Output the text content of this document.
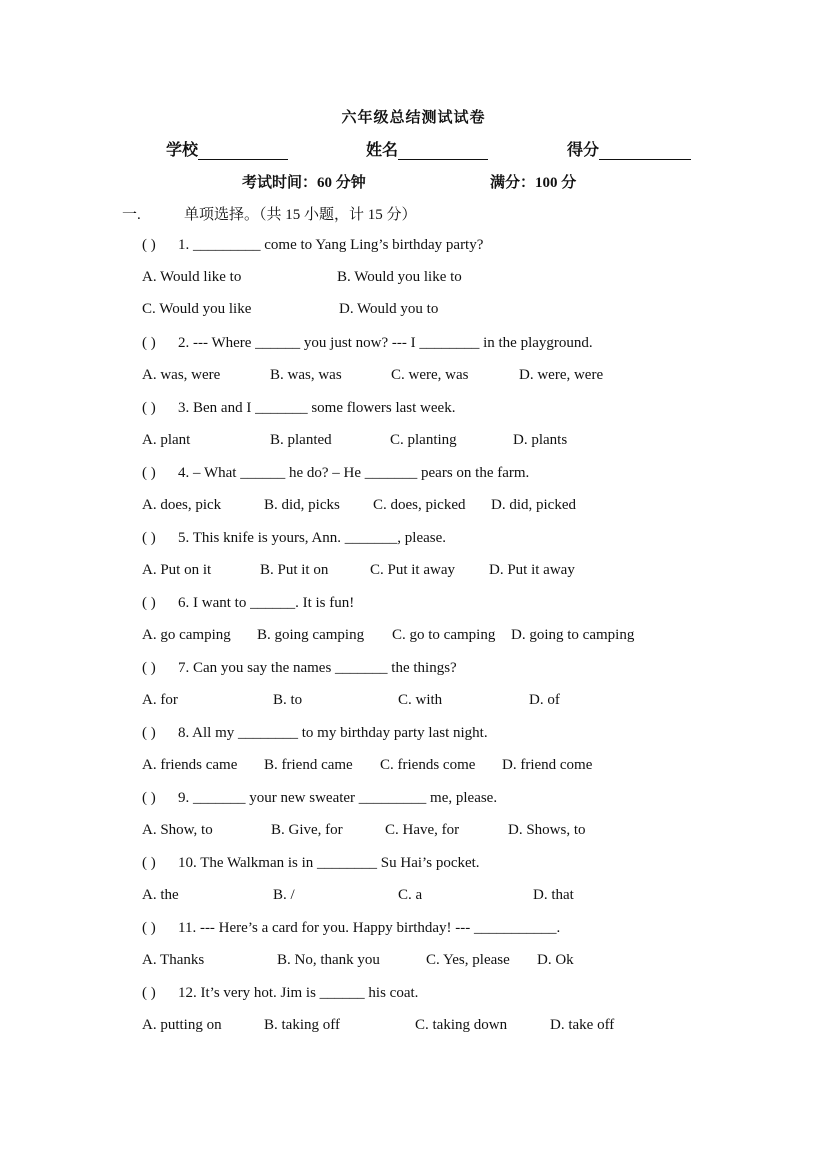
六年级总结测试试卷
学校	姓名	得分
考试时间：60 分钟	满分：100 分
一.	单项选择。（共 15 小题，计 15 分）
( ) 1. _________ come to Yang Ling’s birthday party?
A. Would like to	B. Would you like to
C. Would you like	D. Would you to
( ) 2. --- Where ______ you just now? --- I ________ in the playground.
A. was, were	B. was, was	C. were, was	D. were, were
( ) 3. Ben and I _______ some flowers last week.
A. plant	B. planted	C. planting	D. plants
( ) 4. – What ______ he do? – He _______ pears on the farm.
A. does, pick	B. did, picks C. does, picked D. did, picked
( ) 5. This knife is yours, Ann. _______, please.
A. Put on it	B. Put it on	C. Put it away D. Put it away
( ) 6. I want to ______. It is fun!
A. go camping B. going camping C. go to camping D. going to camping
( ) 7. Can you say the names _______ the things?
A. for	B. to	C. with	D. of
( ) 8. All my ________ to my birthday party last night.
A. friends came B. friend came C. friends come D. friend come
( ) 9. _______ your new sweater _________ me, please.
A. Show, to	B. Give, for	C. Have, for	D. Shows, to
( ) 10. The Walkman is in ________ Su Hai’s pocket.
A. the	B. /	C. a	D. that
( ) 11. --- Here’s a card for you. Happy birthday! --- ___________.
A. Thanks	B. No, thank you	C. Yes, please D. Ok
( ) 12. It’s very hot. Jim is ______ his coat.
A. putting on	B. taking off	C. taking down	D. take off
